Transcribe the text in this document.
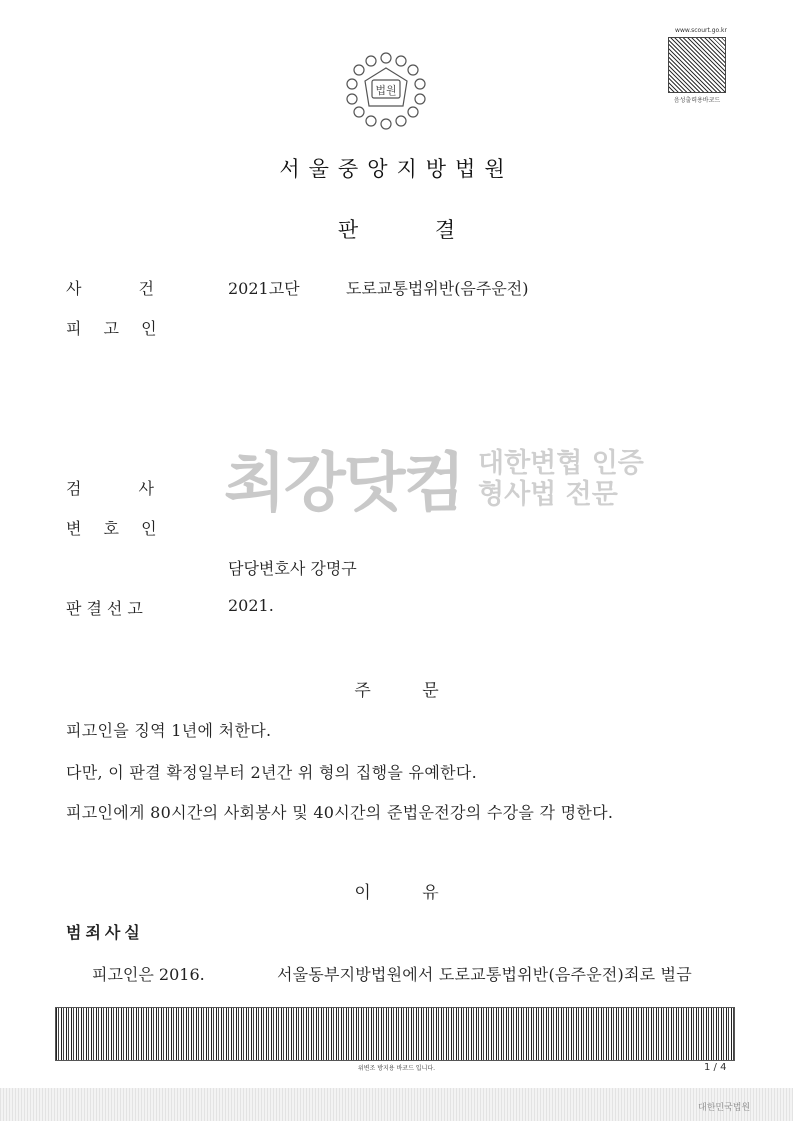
www.scourt.go.kr
음성출력용바코드
법원
서울중앙지방법원
판 결
사 건	2021고단	도로교통법위반(음주운전)
피 고 인
검 사
변 호 인
담당변호사 강명구
판결선고	2021.
최강닷컴 대한변협 인증
형사법 전문
주 문
피고인을 징역 1년에 처한다.
다만, 이 판결 확정일부터 2년간 위 형의 집행을 유예한다.
피고인에게 80시간의 사회봉사 및 40시간의 준법운전강의 수강을 각 명한다.
이 유
범죄사실
피고인은 2016.	서울동부지방법원에서 도로교통법위반(음주운전)죄로 벌금
위변조 방지용 바코드 입니다.	1 / 4
대한민국법원
